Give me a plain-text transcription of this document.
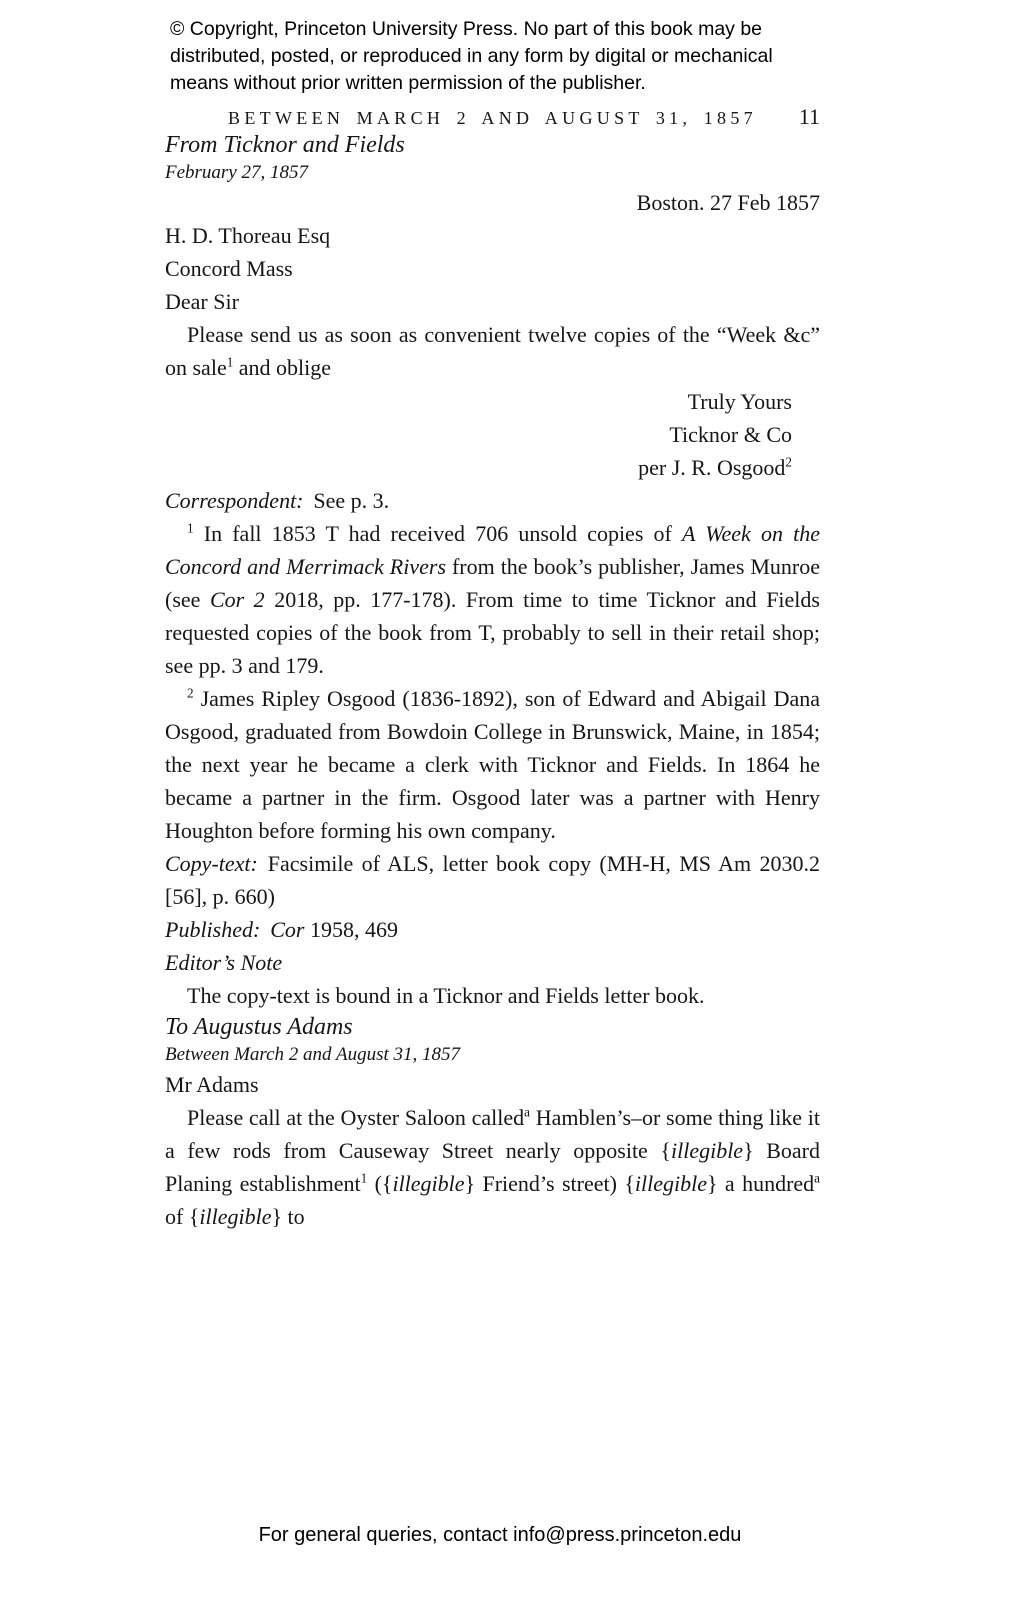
© Copyright, Princeton University Press. No part of this book may be
distributed, posted, or reproduced in any form by digital or mechanical
means without prior written permission of the publisher.
BETWEEN MARCH 2 AND AUGUST 31, 1857	11

From Ticknor and Fields

February 27, 1857

Boston. 27 Feb 1857

H. D. Thoreau Esq

Concord Mass

Dear Sir

Please send us as soon as convenient twelve copies of the “Week &c” on sale$^1$ and oblige

Truly Yours

Ticknor & Co

per J. R. Osgood$^2$

Correspondent: See p. 3.

$^1$ In fall 1853 T had received 706 unsold copies of A Week on the Concord and Merrimack Rivers from the book’s publisher, James Munroe (see Cor 2 2018, pp. 177-178). From time to time Ticknor and Fields requested copies of the book from T, probably to sell in their retail shop; see pp. 3 and 179.

$^2$ James Ripley Osgood (1836-1892), son of Edward and Abigail Dana Osgood, graduated from Bowdoin College in Brunswick, Maine, in 1854; the next year he became a clerk with Ticknor and Fields. In 1864 he became a partner in the firm. Osgood later was a partner with Henry Houghton before forming his own company.

Copy-text: Facsimile of ALS, letter book copy (MH-H, MS Am 2030.2 [56], p. 660)

Published: Cor 1958, 469

Editor’s Note

The copy-text is bound in a Ticknor and Fields letter book.

To Augustus Adams

Between March 2 and August 31, 1857

Mr Adams

Please call at the Oyster Saloon called$^a$ Hamblen’s–or some thing like it a few rods from Causeway Street nearly opposite {illegible} Board Planing establishment$^1$ ({illegible} Friend’s street) {illegible} a hundred$^a$ of {illegible} to

For general queries, contact info@press.princeton.edu
